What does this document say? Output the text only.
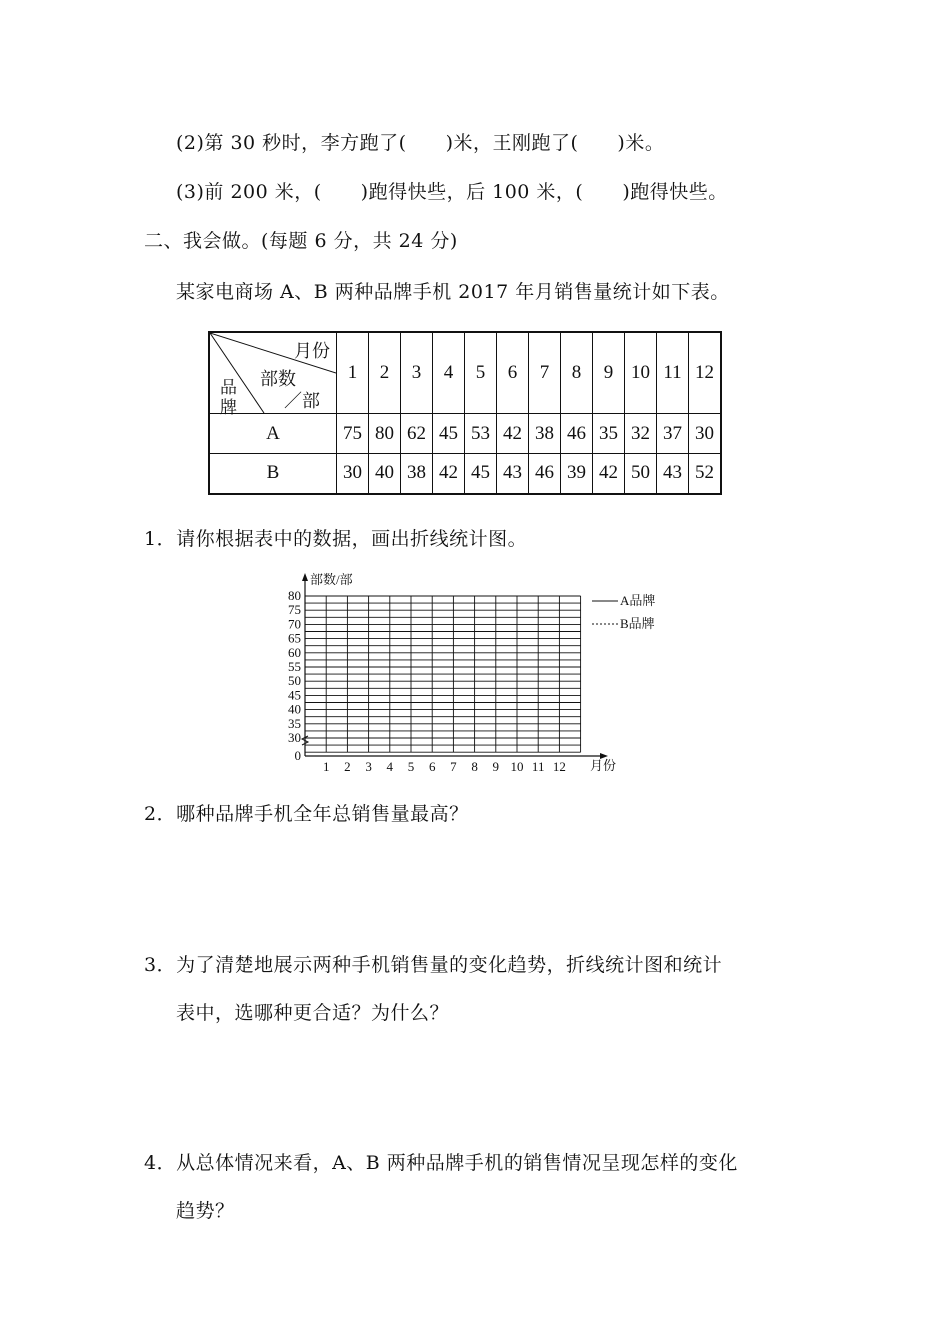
(2)第 30 秒时，李方跑了(　　)米，王刚跑了(　　)米。
(3)前 200 米，(　　)跑得快些，后 100 米，(　　)跑得快些。
二、我会做。(每题 6 分，共 24 分)
某家电商场 A、B 两种品牌手机 2017 年月销售量统计如下表。
月份
部数
／部
品
牌	1	2	3	4	5	6	7	8	9	10	11	12
A	75	80	62	45	53	42	38	46	35	32	37	30
B	30	40	38	42	45	43	46	39	42	50	43	52
1．请你根据表中的数据，画出折线统计图。
部数/部
月份
80
75
70
65
60
55
50
45
40
35
30
0
1 2 3 4 5 6 7 8 9 10 11 12
A品牌
B品牌
2．哪种品牌手机全年总销售量最高？
3．为了清楚地展示两种手机销售量的变化趋势，折线统计图和统计
表中，选哪种更合适？为什么？
4．从总体情况来看，A、B 两种品牌手机的销售情况呈现怎样的变化
趋势？
